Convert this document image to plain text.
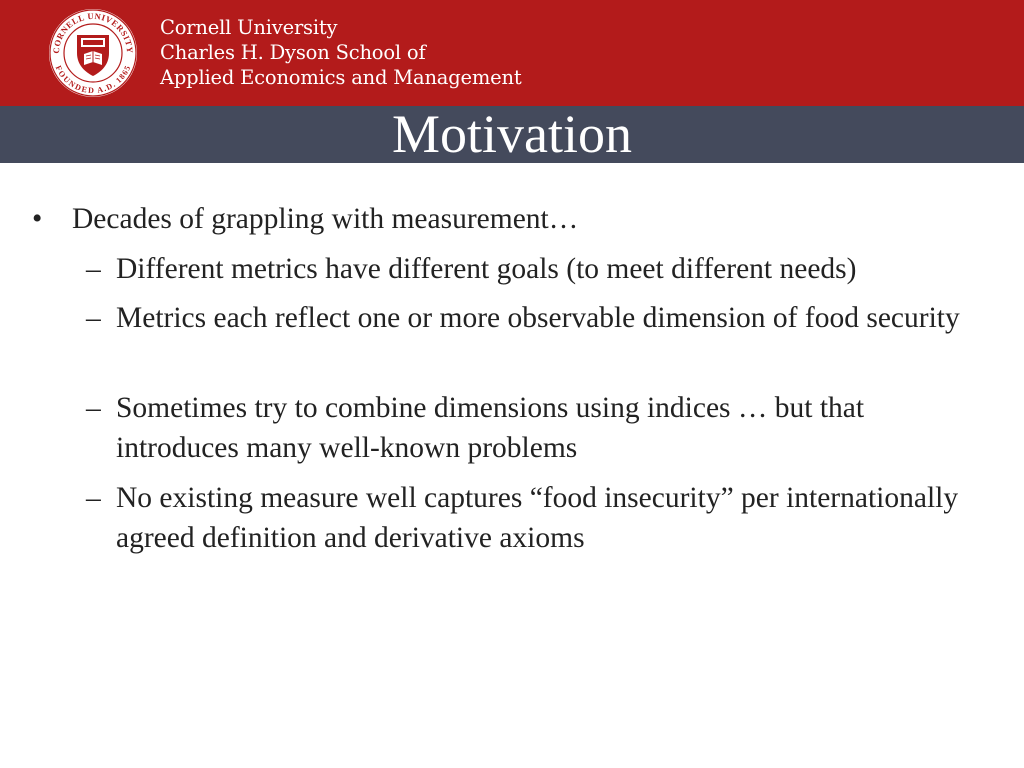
CORNELL UNIVERSITY
FOUNDED A.D. 1865
Cornell University
Charles H. Dyson School of
Applied Economics and Management
Motivation
• Decades of grappling with measurement…
– Different metrics have different goals (to meet different needs)
– Metrics each reflect one or more observable dimension of food security
– Sometimes try to combine dimensions using indices … but that introduces many well-known problems
– No existing measure well captures “food insecurity” per internationally agreed definition and derivative axioms
